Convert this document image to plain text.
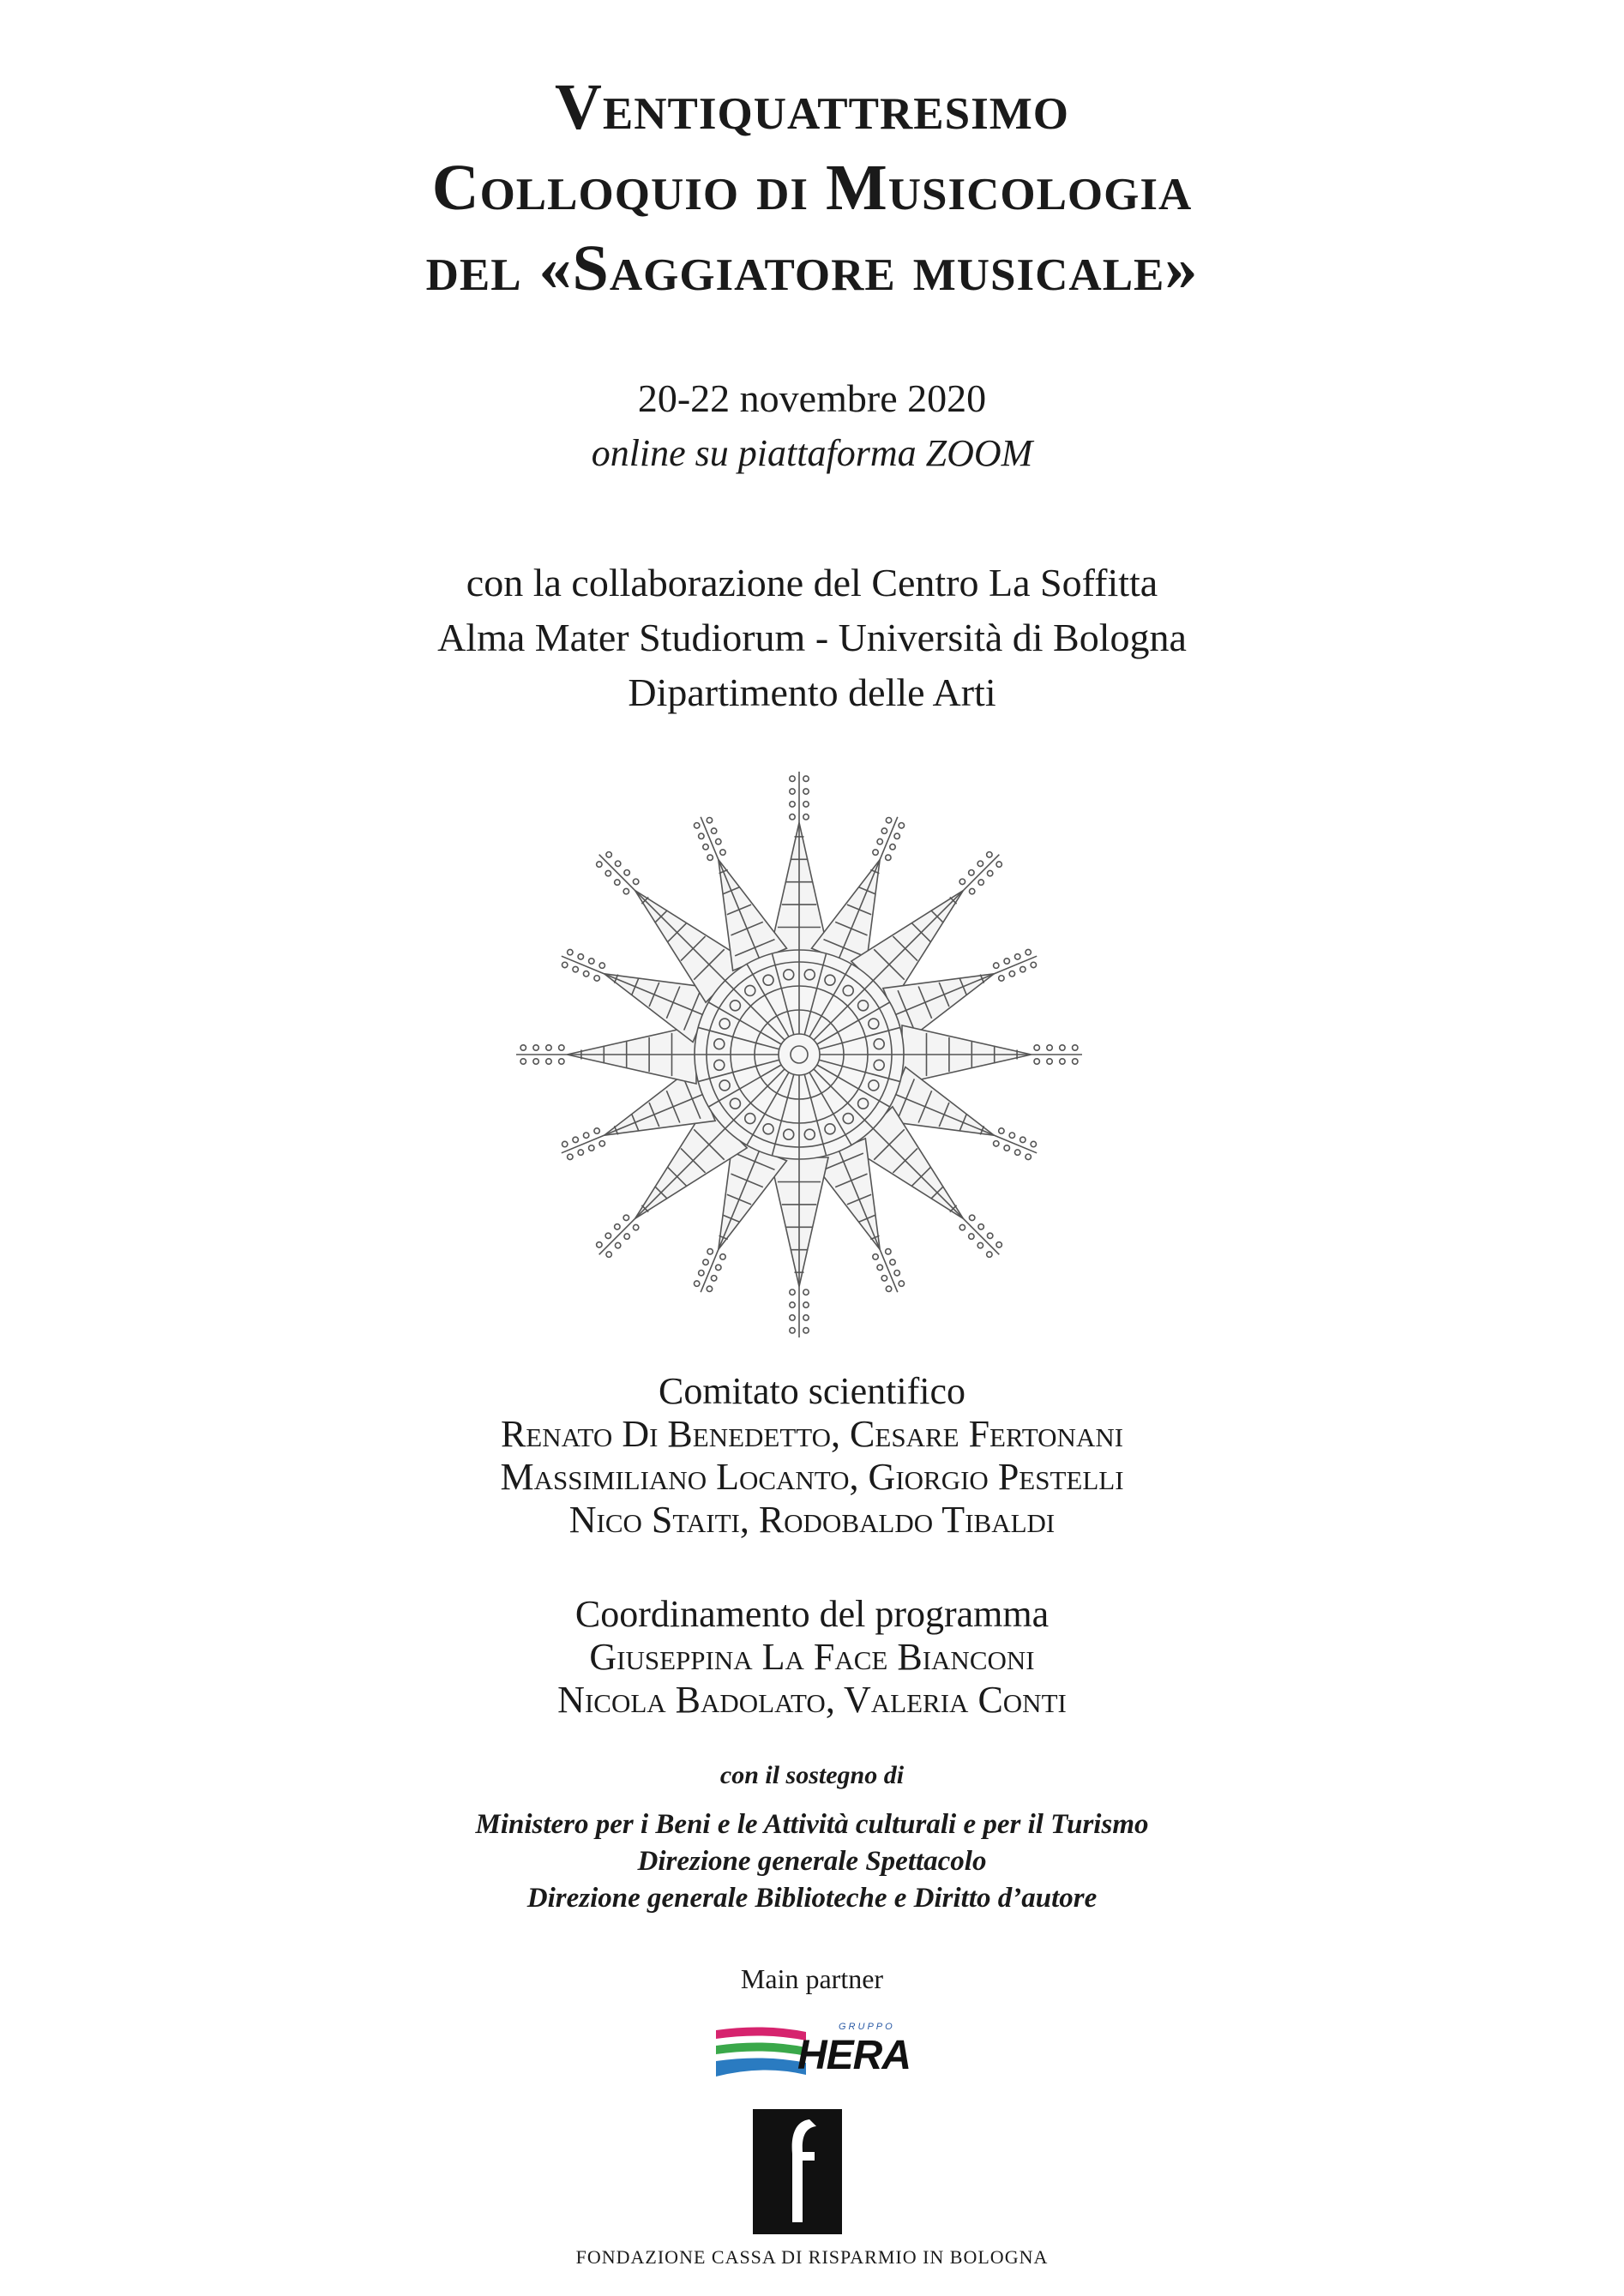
Ventiquattresimo
Colloquio di Musicologia
del «Saggiatore musicale»
20-22 novembre 2020
online su piattaforma ZOOM
con la collaborazione del Centro La Soffitta
Alma Mater Studiorum - Università di Bologna
Dipartimento delle Arti
Comitato scientifico
Renato Di Benedetto, Cesare Fertonani
Massimiliano Locanto, Giorgio Pestelli
Nico Staiti, Rodobaldo Tibaldi
Coordinamento del programma
Giuseppina La Face Bianconi
Nicola Badolato, Valeria Conti
con il sostegno di
Ministero per i Beni e le Attività culturali e per il Turismo
Direzione generale Spettacolo
Direzione generale Biblioteche e Diritto d’autore
Main partner
GRUPPO
HERA
FONDAZIONE CASSA DI RISPARMIO IN BOLOGNA
